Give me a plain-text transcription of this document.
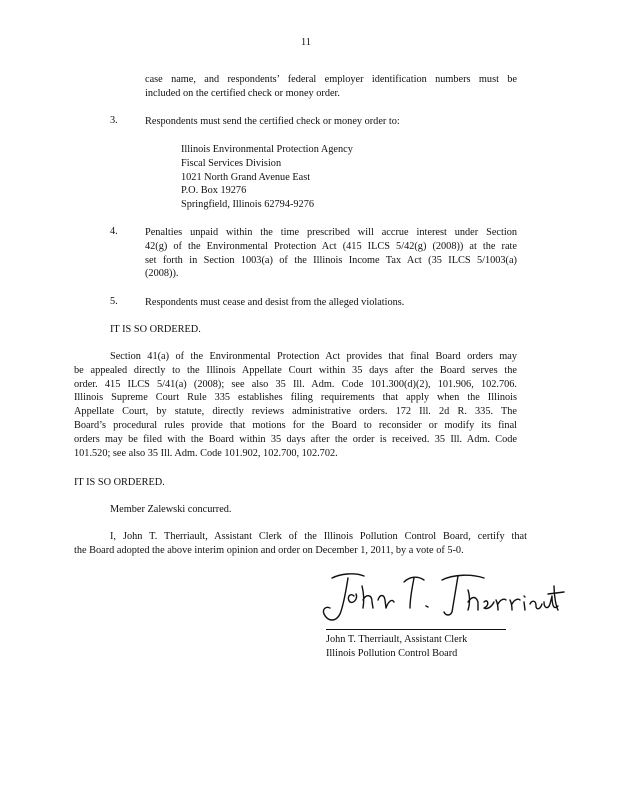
11
case name, and respondents’ federal employer identification numbers must be
included on the certified check or money order.
3.	Respondents must send the certified check or money order to:
Illinois Environmental Protection Agency
Fiscal Services Division
1021 North Grand Avenue East
P.O. Box 19276
Springfield, Illinois 62794-9276
4.	Penalties unpaid within the time prescribed will accrue interest under Section
42(g) of the Environmental Protection Act (415 ILCS 5/42(g) (2008)) at the rate
set forth in Section 1003(a) of the Illinois Income Tax Act (35 ILCS 5/1003(a)
(2008)).
5.	Respondents must cease and desist from the alleged violations.
IT IS SO ORDERED.
Section 41(a) of the Environmental Protection Act provides that final Board orders may
be appealed directly to the Illinois Appellate Court within 35 days after the Board serves the
order. 415 ILCS 5/41(a) (2008); see also 35 Ill. Adm. Code 101.300(d)(2), 101.906, 102.706.
Illinois Supreme Court Rule 335 establishes filing requirements that apply when the Illinois
Appellate Court, by statute, directly reviews administrative orders. 172 Ill. 2d R. 335. The
Board’s procedural rules provide that motions for the Board to reconsider or modify its final
orders may be filed with the Board within 35 days after the order is received. 35 Ill. Adm. Code
101.520; see also 35 Ill. Adm. Code 101.902, 102.700, 102.702.
IT IS SO ORDERED.
Member Zalewski concurred.
I, John T. Therriault, Assistant Clerk of the Illinois Pollution Control Board, certify that
the Board adopted the above interim opinion and order on December 1, 2011, by a vote of 5-0.
John T. Therriault, Assistant Clerk
Illinois Pollution Control Board
